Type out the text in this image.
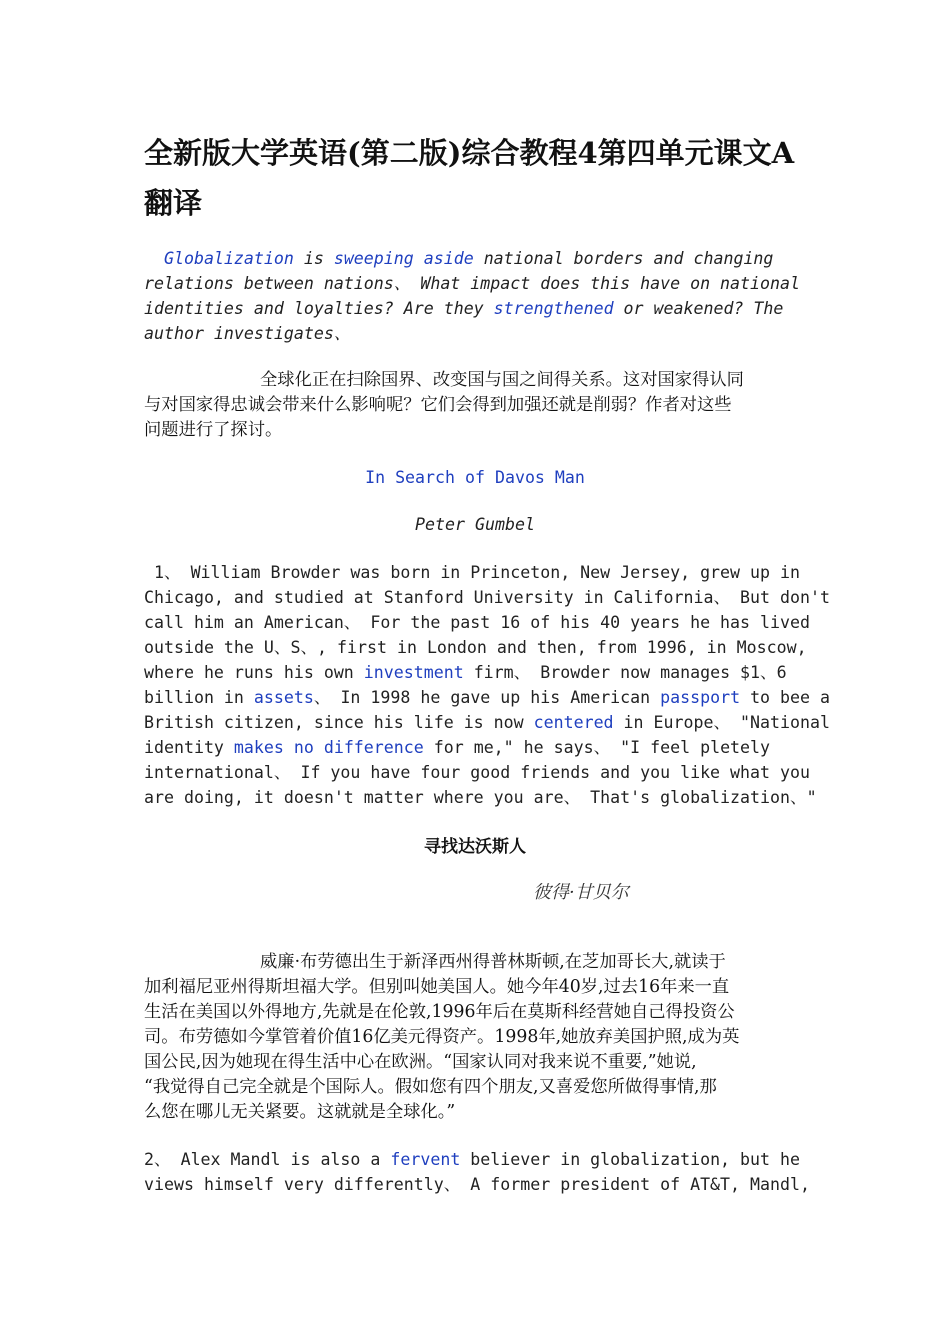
全新版大学英语(第二版)综合教程4第四单元课文A
翻译

Globalization is sweeping aside national borders and changing
relations between nations、 What impact does this have on national
identities and loyalties? Are they strengthened or weakened? The
author investigates、

全球化正在扫除国界、改变国与国之间得关系。这对国家得认同
与对国家得忠诚会带来什么影响呢？它们会得到加强还就是削弱？作者对这些
问题进行了探讨。

In Search of Davos Man

Peter Gumbel

1、 William Browder was born in Princeton, New Jersey, grew up in
Chicago, and studied at Stanford University in California、 But don't
call him an American、 For the past 16 of his 40 years he has lived
outside the U、S、, first in London and then, from 1996, in Moscow,
where he runs his own investment firm、 Browder now manages $1、6
billion in assets、 In 1998 he gave up his American passport to bee a
British citizen, since his life is now centered in Europe、 "National
identity makes no difference for me," he says、 "I feel pletely
international、 If you have four good friends and you like what you
are doing, it doesn't matter where you are、 That's globalization、"

寻找达沃斯人

彼得·甘贝尔

威廉·布劳德出生于新泽西州得普林斯顿,在芝加哥长大,就读于
加利福尼亚州得斯坦福大学。但别叫她美国人。她今年40岁,过去16年来一直
生活在美国以外得地方,先就是在伦敦,1996年后在莫斯科经营她自己得投资公
司。布劳德如今掌管着价值16亿美元得资产。1998年,她放弃美国护照,成为英
国公民,因为她现在得生活中心在欧洲。“国家认同对我来说不重要,”她说,
“我觉得自己完全就是个国际人。假如您有四个朋友,又喜爱您所做得事情,那
么您在哪儿无关紧要。这就就是全球化。”

2、 Alex Mandl is also a fervent believer in globalization, but he
views himself very differently、 A former president of AT&T, Mandl,
